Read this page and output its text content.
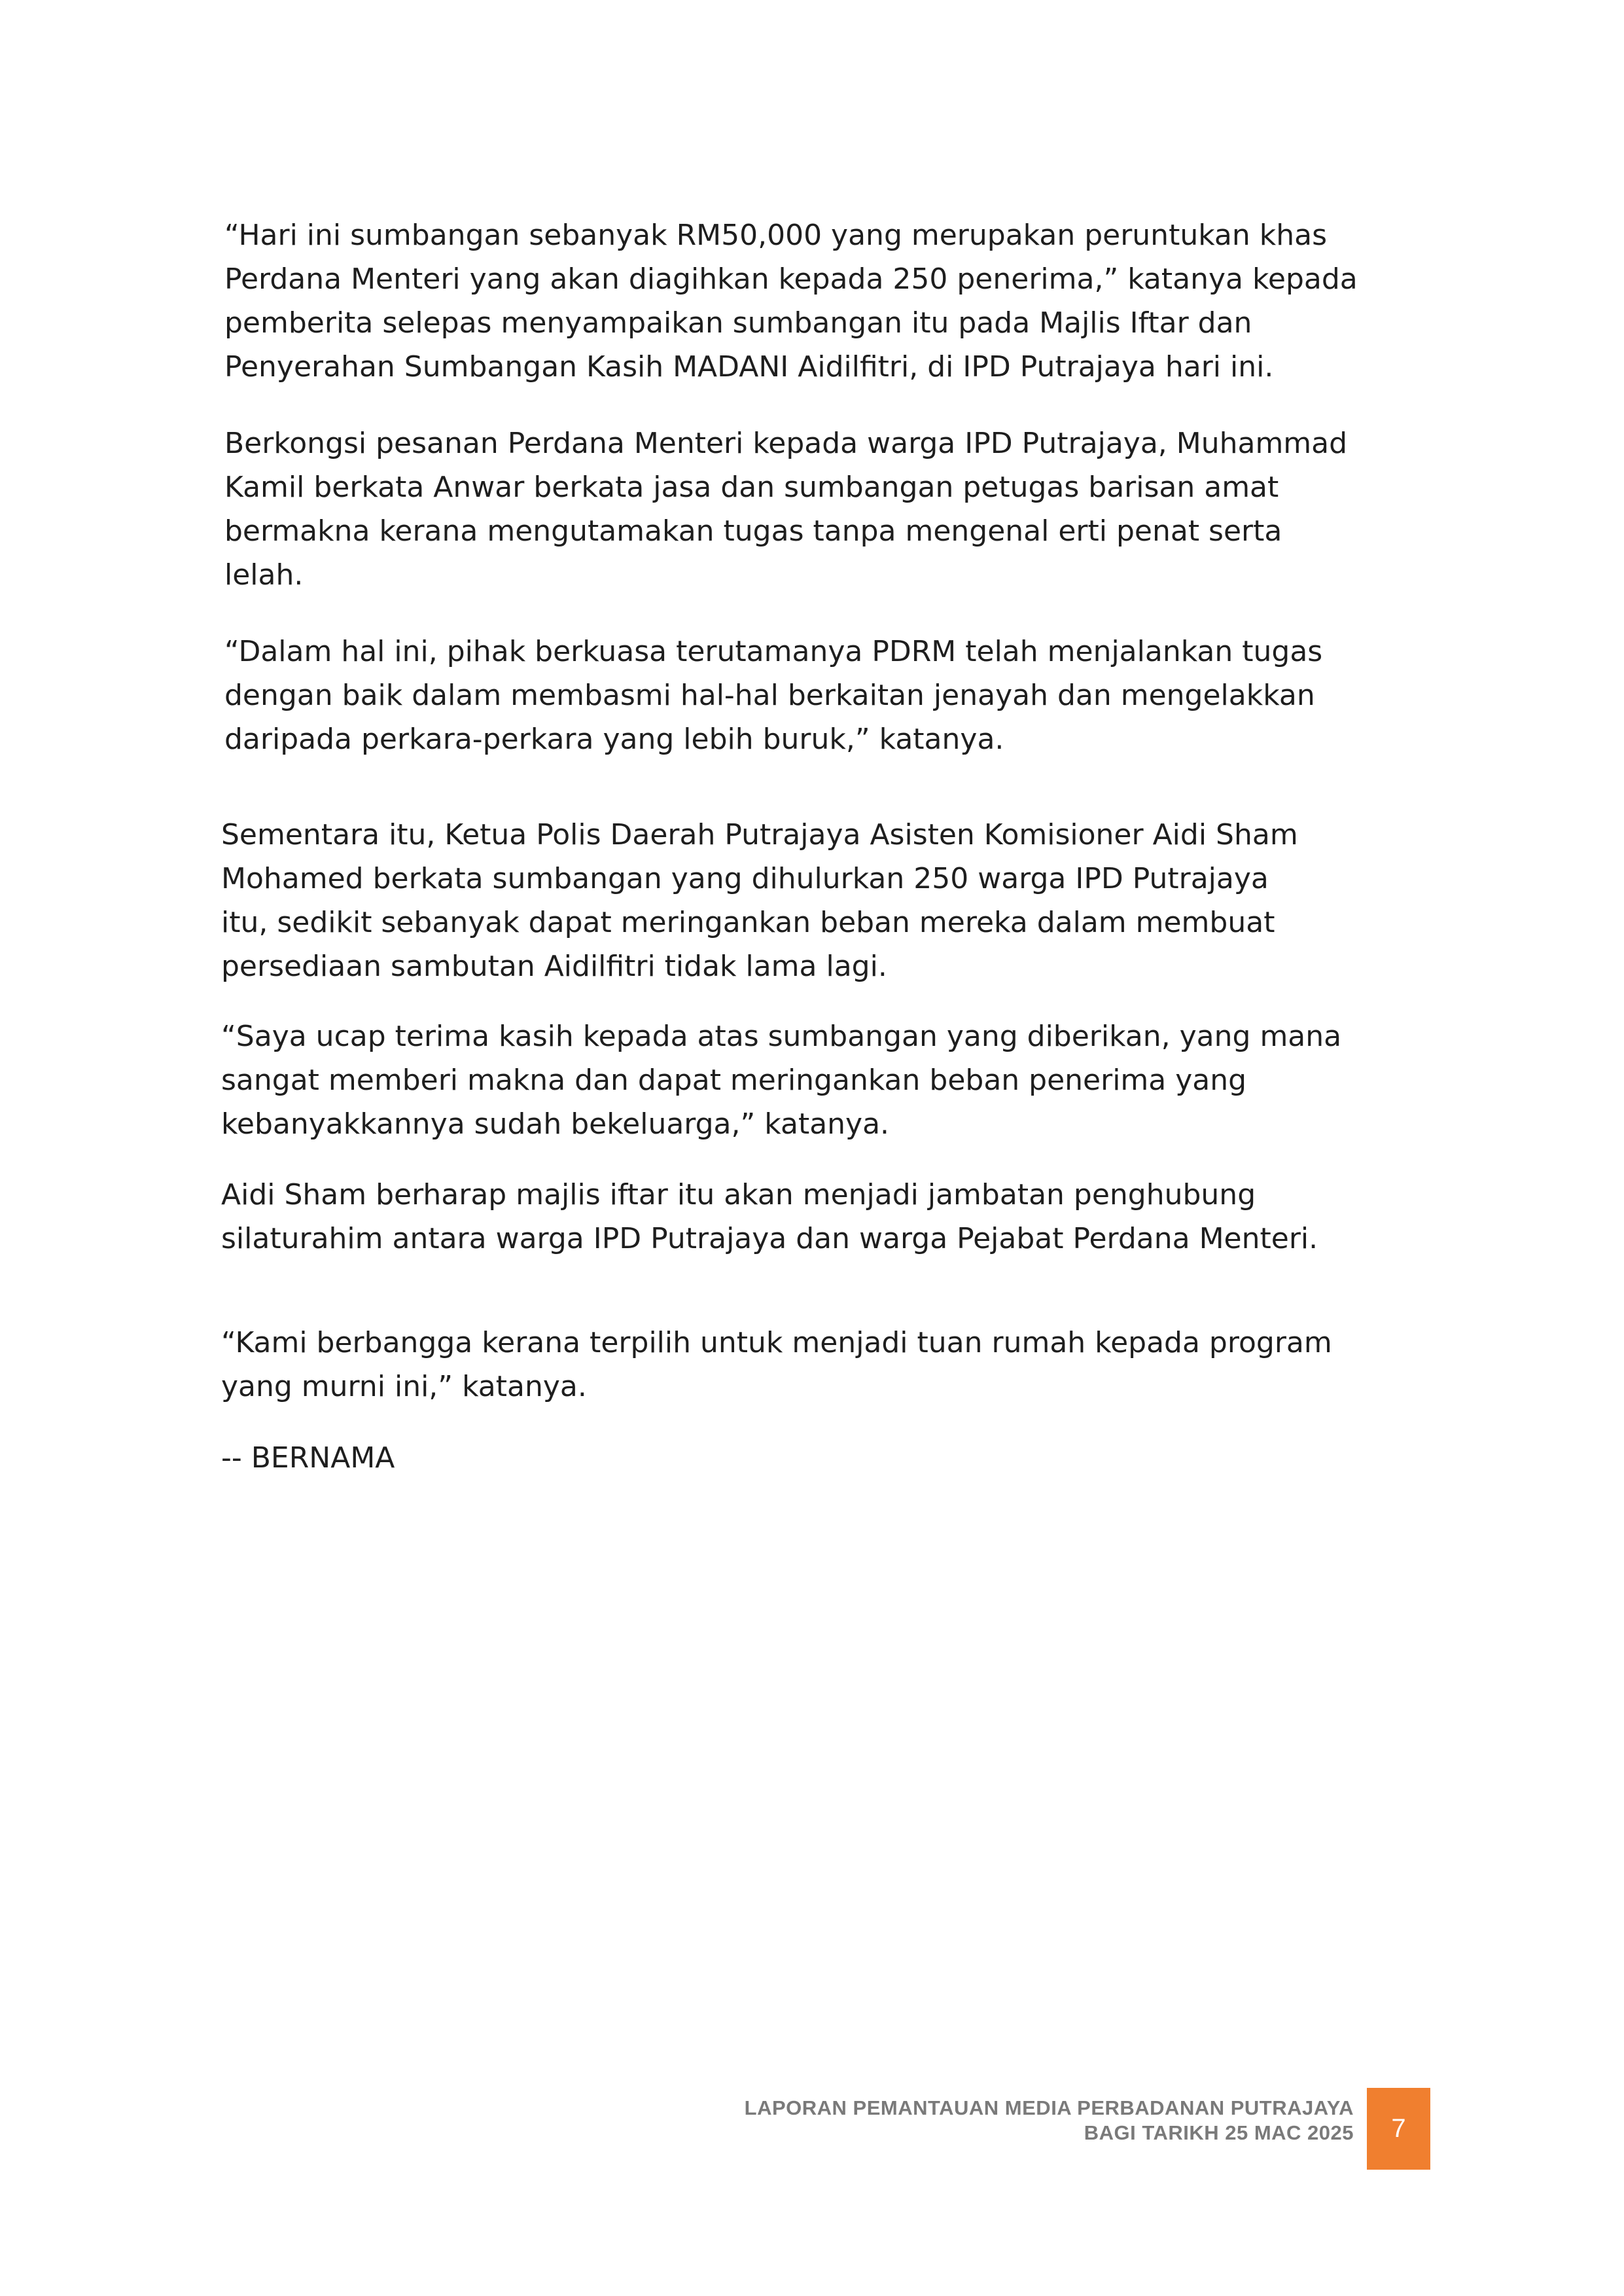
“Hari ini sumbangan sebanyak RM50,000 yang merupakan peruntukan khas
Perdana Menteri yang akan diagihkan kepada 250 penerima,” katanya kepada
pemberita selepas menyampaikan sumbangan itu pada Majlis Iftar dan
Penyerahan Sumbangan Kasih MADANI Aidilfitri, di IPD Putrajaya hari ini.

Berkongsi pesanan Perdana Menteri kepada warga IPD Putrajaya, Muhammad
Kamil berkata Anwar berkata jasa dan sumbangan petugas barisan amat
bermakna kerana mengutamakan tugas tanpa mengenal erti penat serta
lelah.

“Dalam hal ini, pihak berkuasa terutamanya PDRM telah menjalankan tugas
dengan baik dalam membasmi hal-hal berkaitan jenayah dan mengelakkan
daripada perkara-perkara yang lebih buruk,” katanya.

Sementara itu, Ketua Polis Daerah Putrajaya Asisten Komisioner Aidi Sham
Mohamed berkata sumbangan yang dihulurkan 250 warga IPD Putrajaya
itu, sedikit sebanyak dapat meringankan beban mereka dalam membuat
persediaan sambutan Aidilfitri tidak lama lagi.

“Saya ucap terima kasih kepada atas sumbangan yang diberikan, yang mana
sangat memberi makna dan dapat meringankan beban penerima yang
kebanyakkannya sudah bekeluarga,” katanya.

Aidi Sham berharap majlis iftar itu akan menjadi jambatan penghubung
silaturahim antara warga IPD Putrajaya dan warga Pejabat Perdana Menteri.

“Kami berbangga kerana terpilih untuk menjadi tuan rumah kepada program
yang murni ini,” katanya.

-- BERNAMA

LAPORAN PEMANTAUAN MEDIA PERBADANAN PUTRAJAYA
BAGI TARIKH 25 MAC 2025 7
